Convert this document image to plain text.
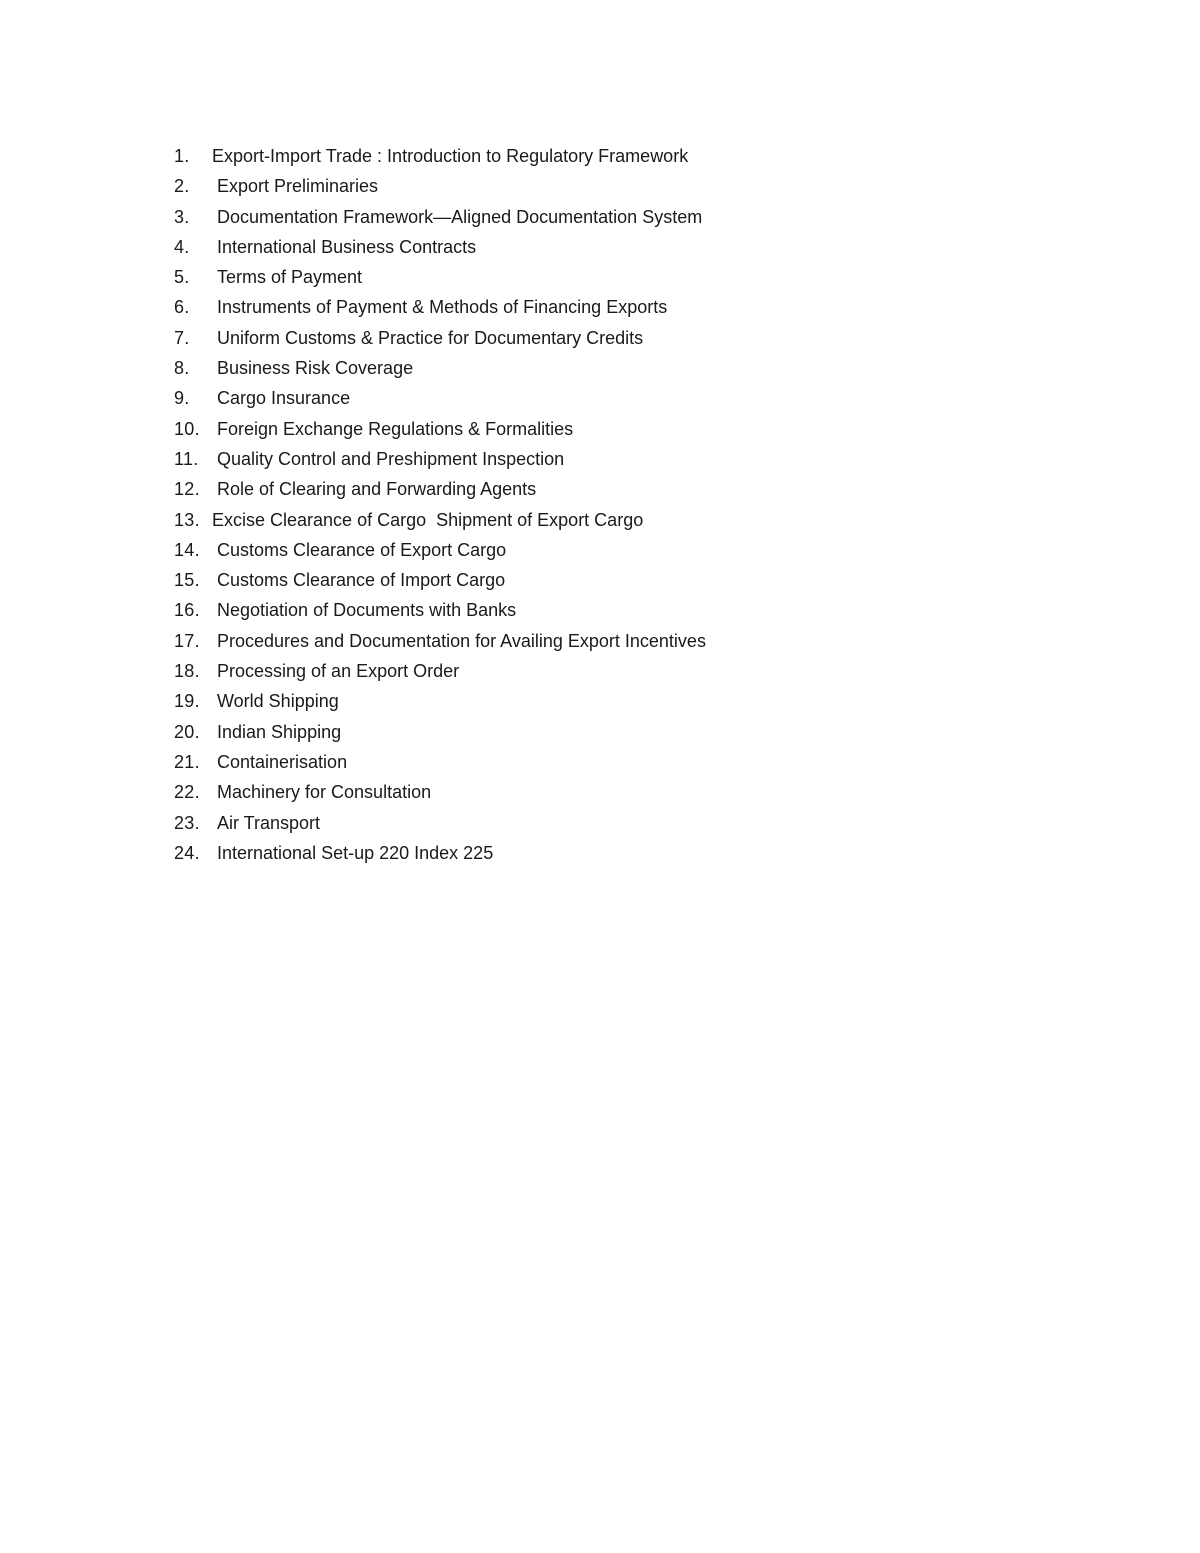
1.	Export-Import Trade : Introduction to Regulatory Framework
2.	Export Preliminaries
3.	Documentation Framework—Aligned Documentation System
4.	International Business Contracts
5.	Terms of Payment
6.	Instruments of Payment & Methods of Financing Exports
7.	Uniform Customs & Practice for Documentary Credits
8.	Business Risk Coverage
9.	Cargo Insurance
10. Foreign Exchange Regulations & Formalities
11.	Quality Control and Preshipment Inspection
12. Role of Clearing and Forwarding Agents
13. Excise Clearance of Cargo  Shipment of Export Cargo
14. Customs Clearance of Export Cargo
15. Customs Clearance of Import Cargo
16. Negotiation of Documents with Banks
17. Procedures and Documentation for Availing Export Incentives
18. Processing of an Export Order
19. World Shipping
20. Indian Shipping
21. Containerisation
22. Machinery for Consultation
23. Air Transport
24. International Set-up 220 Index 225
